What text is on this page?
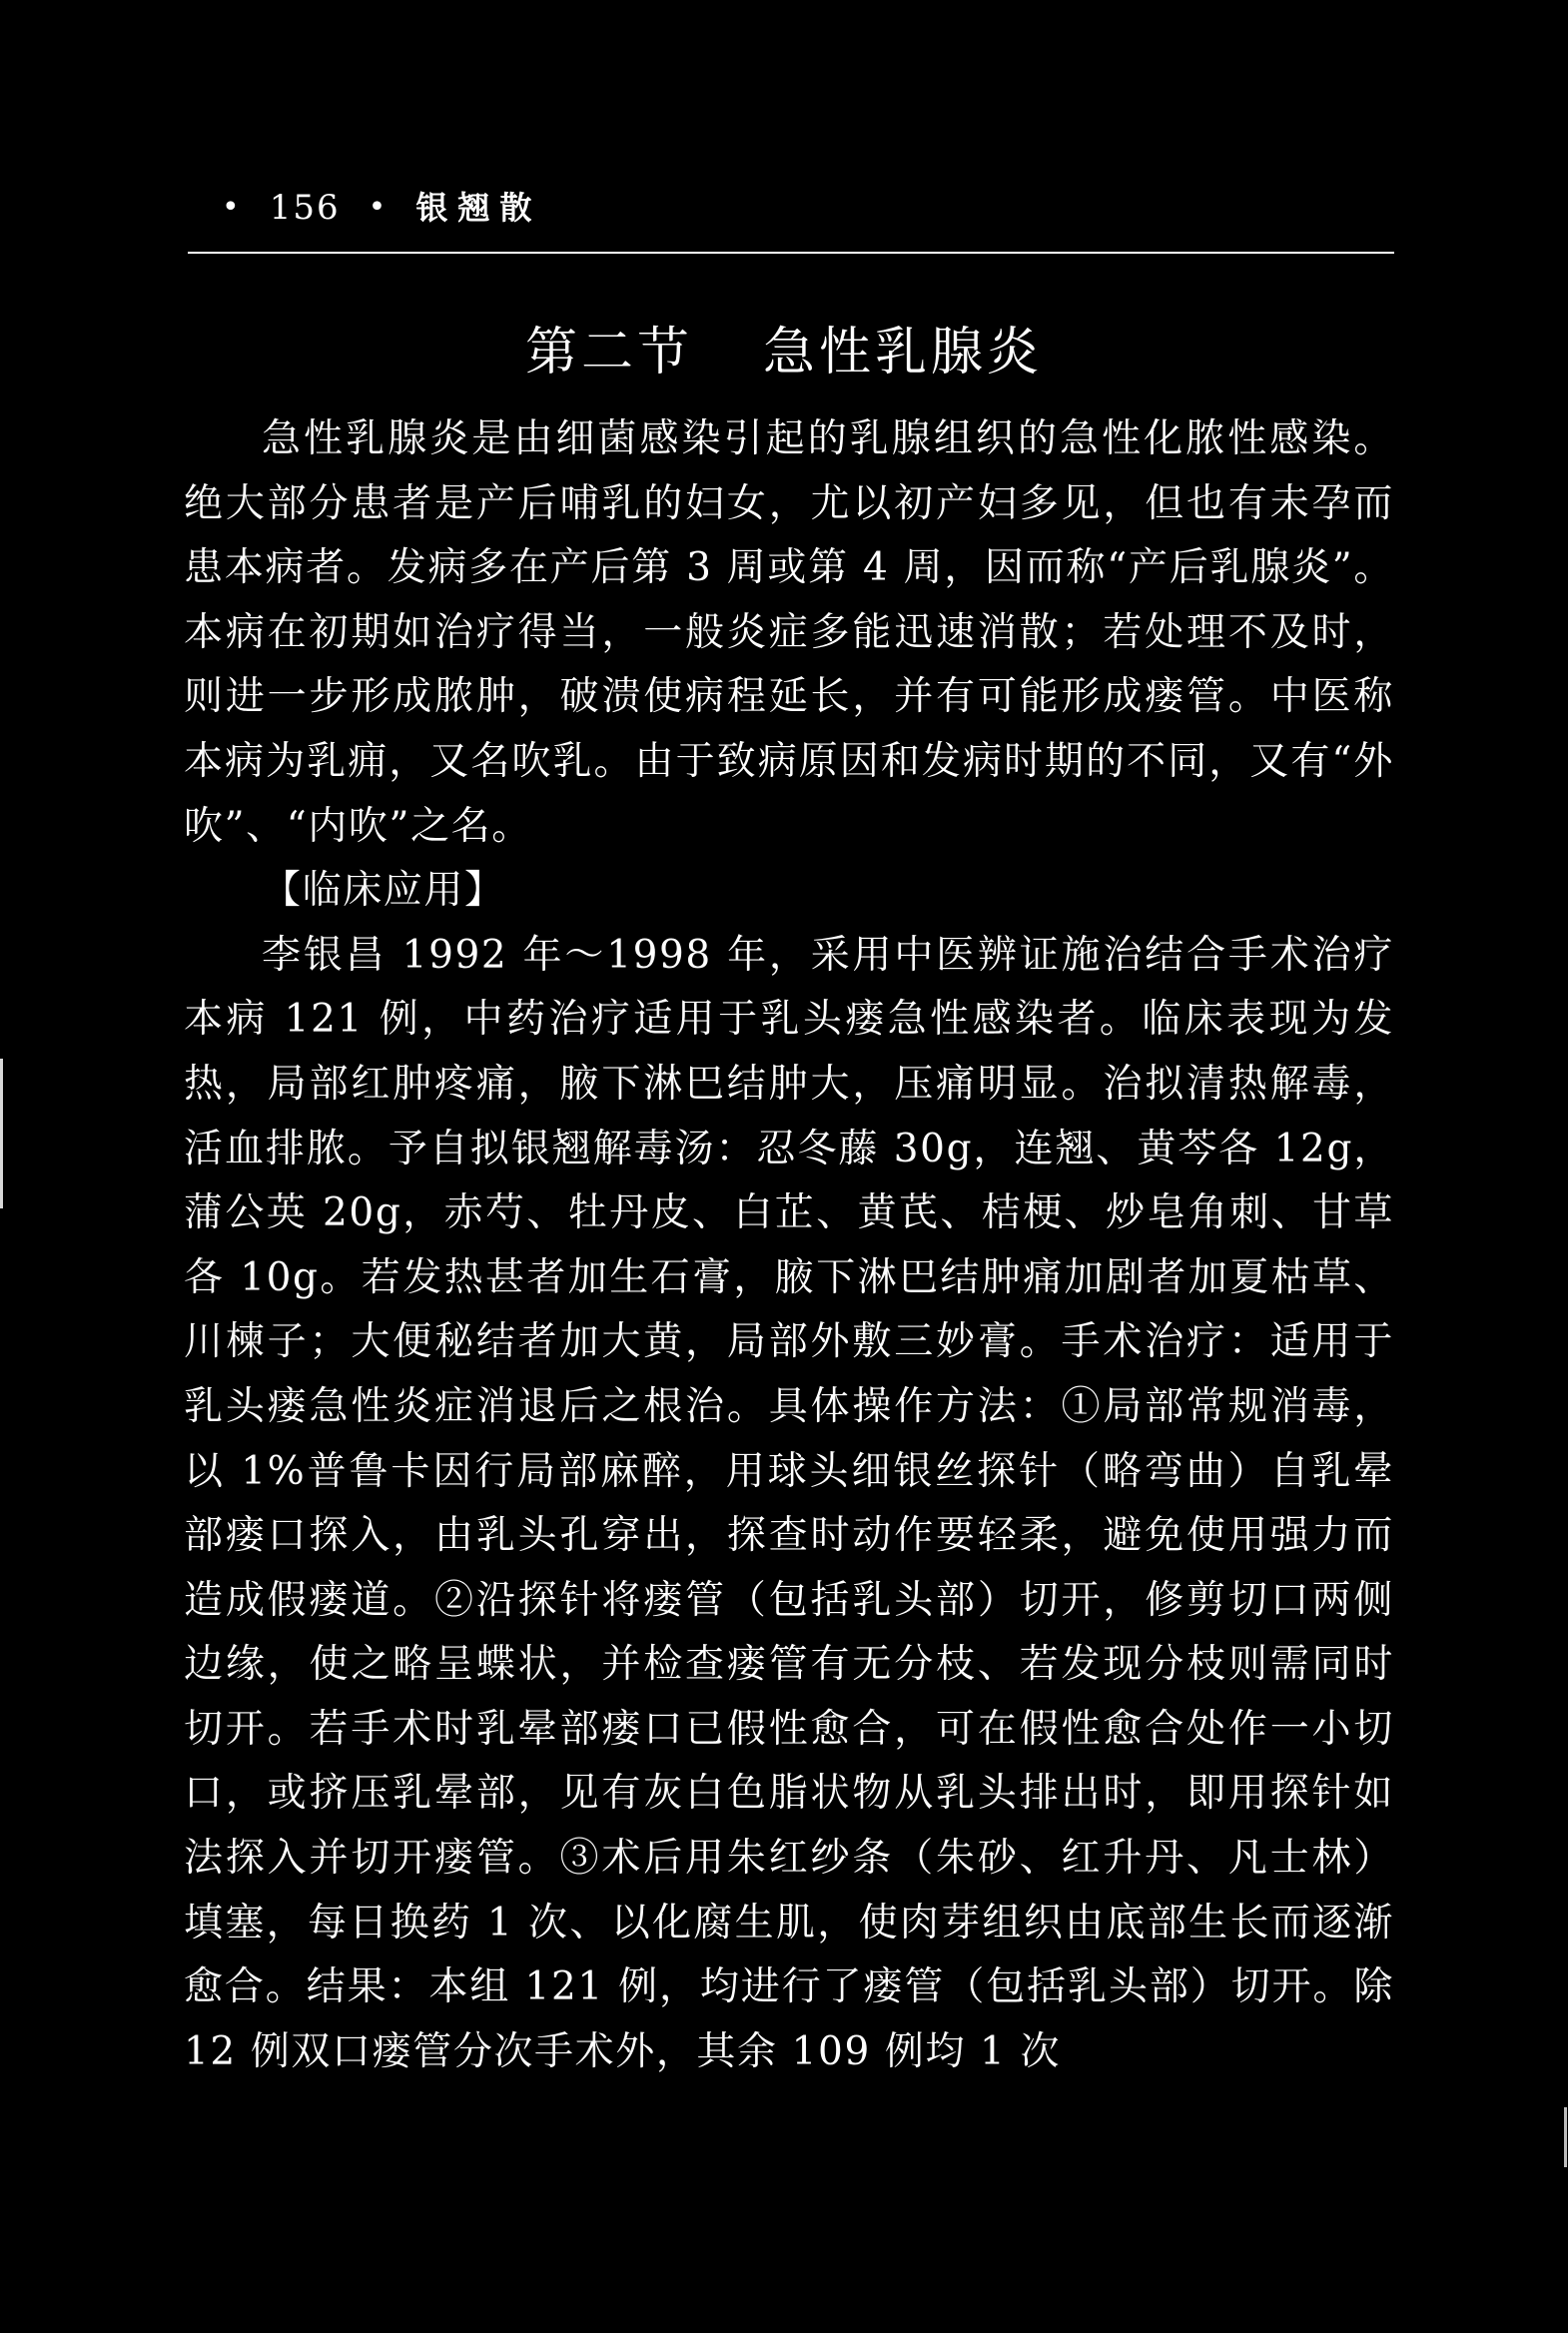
• 156 • 银翘散
第二节 急性乳腺炎

急性乳腺炎是由细菌感染引起的乳腺组织的急性化脓性感染。绝大部分患者是产后哺乳的妇女，尤以初产妇多见，但也有未孕而患本病者。发病多在产后第 3 周或第 4 周，因而称“产后乳腺炎”。本病在初期如治疗得当，一般炎症多能迅速消散；若处理不及时，则进一步形成脓肿，破溃使病程延长，并有可能形成瘘管。中医称本病为乳痈，又名吹乳。由于致病原因和发病时期的不同，又有“外吹”、“内吹”之名。

【临床应用】

李银昌 1992 年～1998 年，采用中医辨证施治结合手术治疗本病 121 例，中药治疗适用于乳头瘘急性感染者。临床表现为发热，局部红肿疼痛，腋下淋巴结肿大，压痛明显。治拟清热解毒，活血排脓。予自拟银翘解毒汤：忍冬藤 30g，连翘、黄芩各 12g，蒲公英 20g，赤芍、牡丹皮、白芷、黄芪、桔梗、炒皂角刺、甘草各 10g。若发热甚者加生石膏，腋下淋巴结肿痛加剧者加夏枯草、川楝子；大便秘结者加大黄，局部外敷三妙膏。手术治疗：适用于乳头瘘急性炎症消退后之根治。具体操作方法：①局部常规消毒，以 1%普鲁卡因行局部麻醉，用球头细银丝探针（略弯曲）自乳晕部瘘口探入，由乳头孔穿出，探查时动作要轻柔，避免使用强力而造成假瘘道。②沿探针将瘘管（包括乳头部）切开，修剪切口两侧边缘，使之略呈蝶状，并检查瘘管有无分枝、若发现分枝则需同时切开。若手术时乳晕部瘘口已假性愈合，可在假性愈合处作一小切口，或挤压乳晕部，见有灰白色脂状物从乳头排出时，即用探针如法探入并切开瘘管。③术后用朱红纱条（朱砂、红升丹、凡士林）填塞，每日换药 1 次、以化腐生肌，使肉芽组织由底部生长而逐渐愈合。结果：本组 121 例，均进行了瘘管（包括乳头部）切开。除 12 例双口瘘管分次手术外，其余 109 例均 1 次
